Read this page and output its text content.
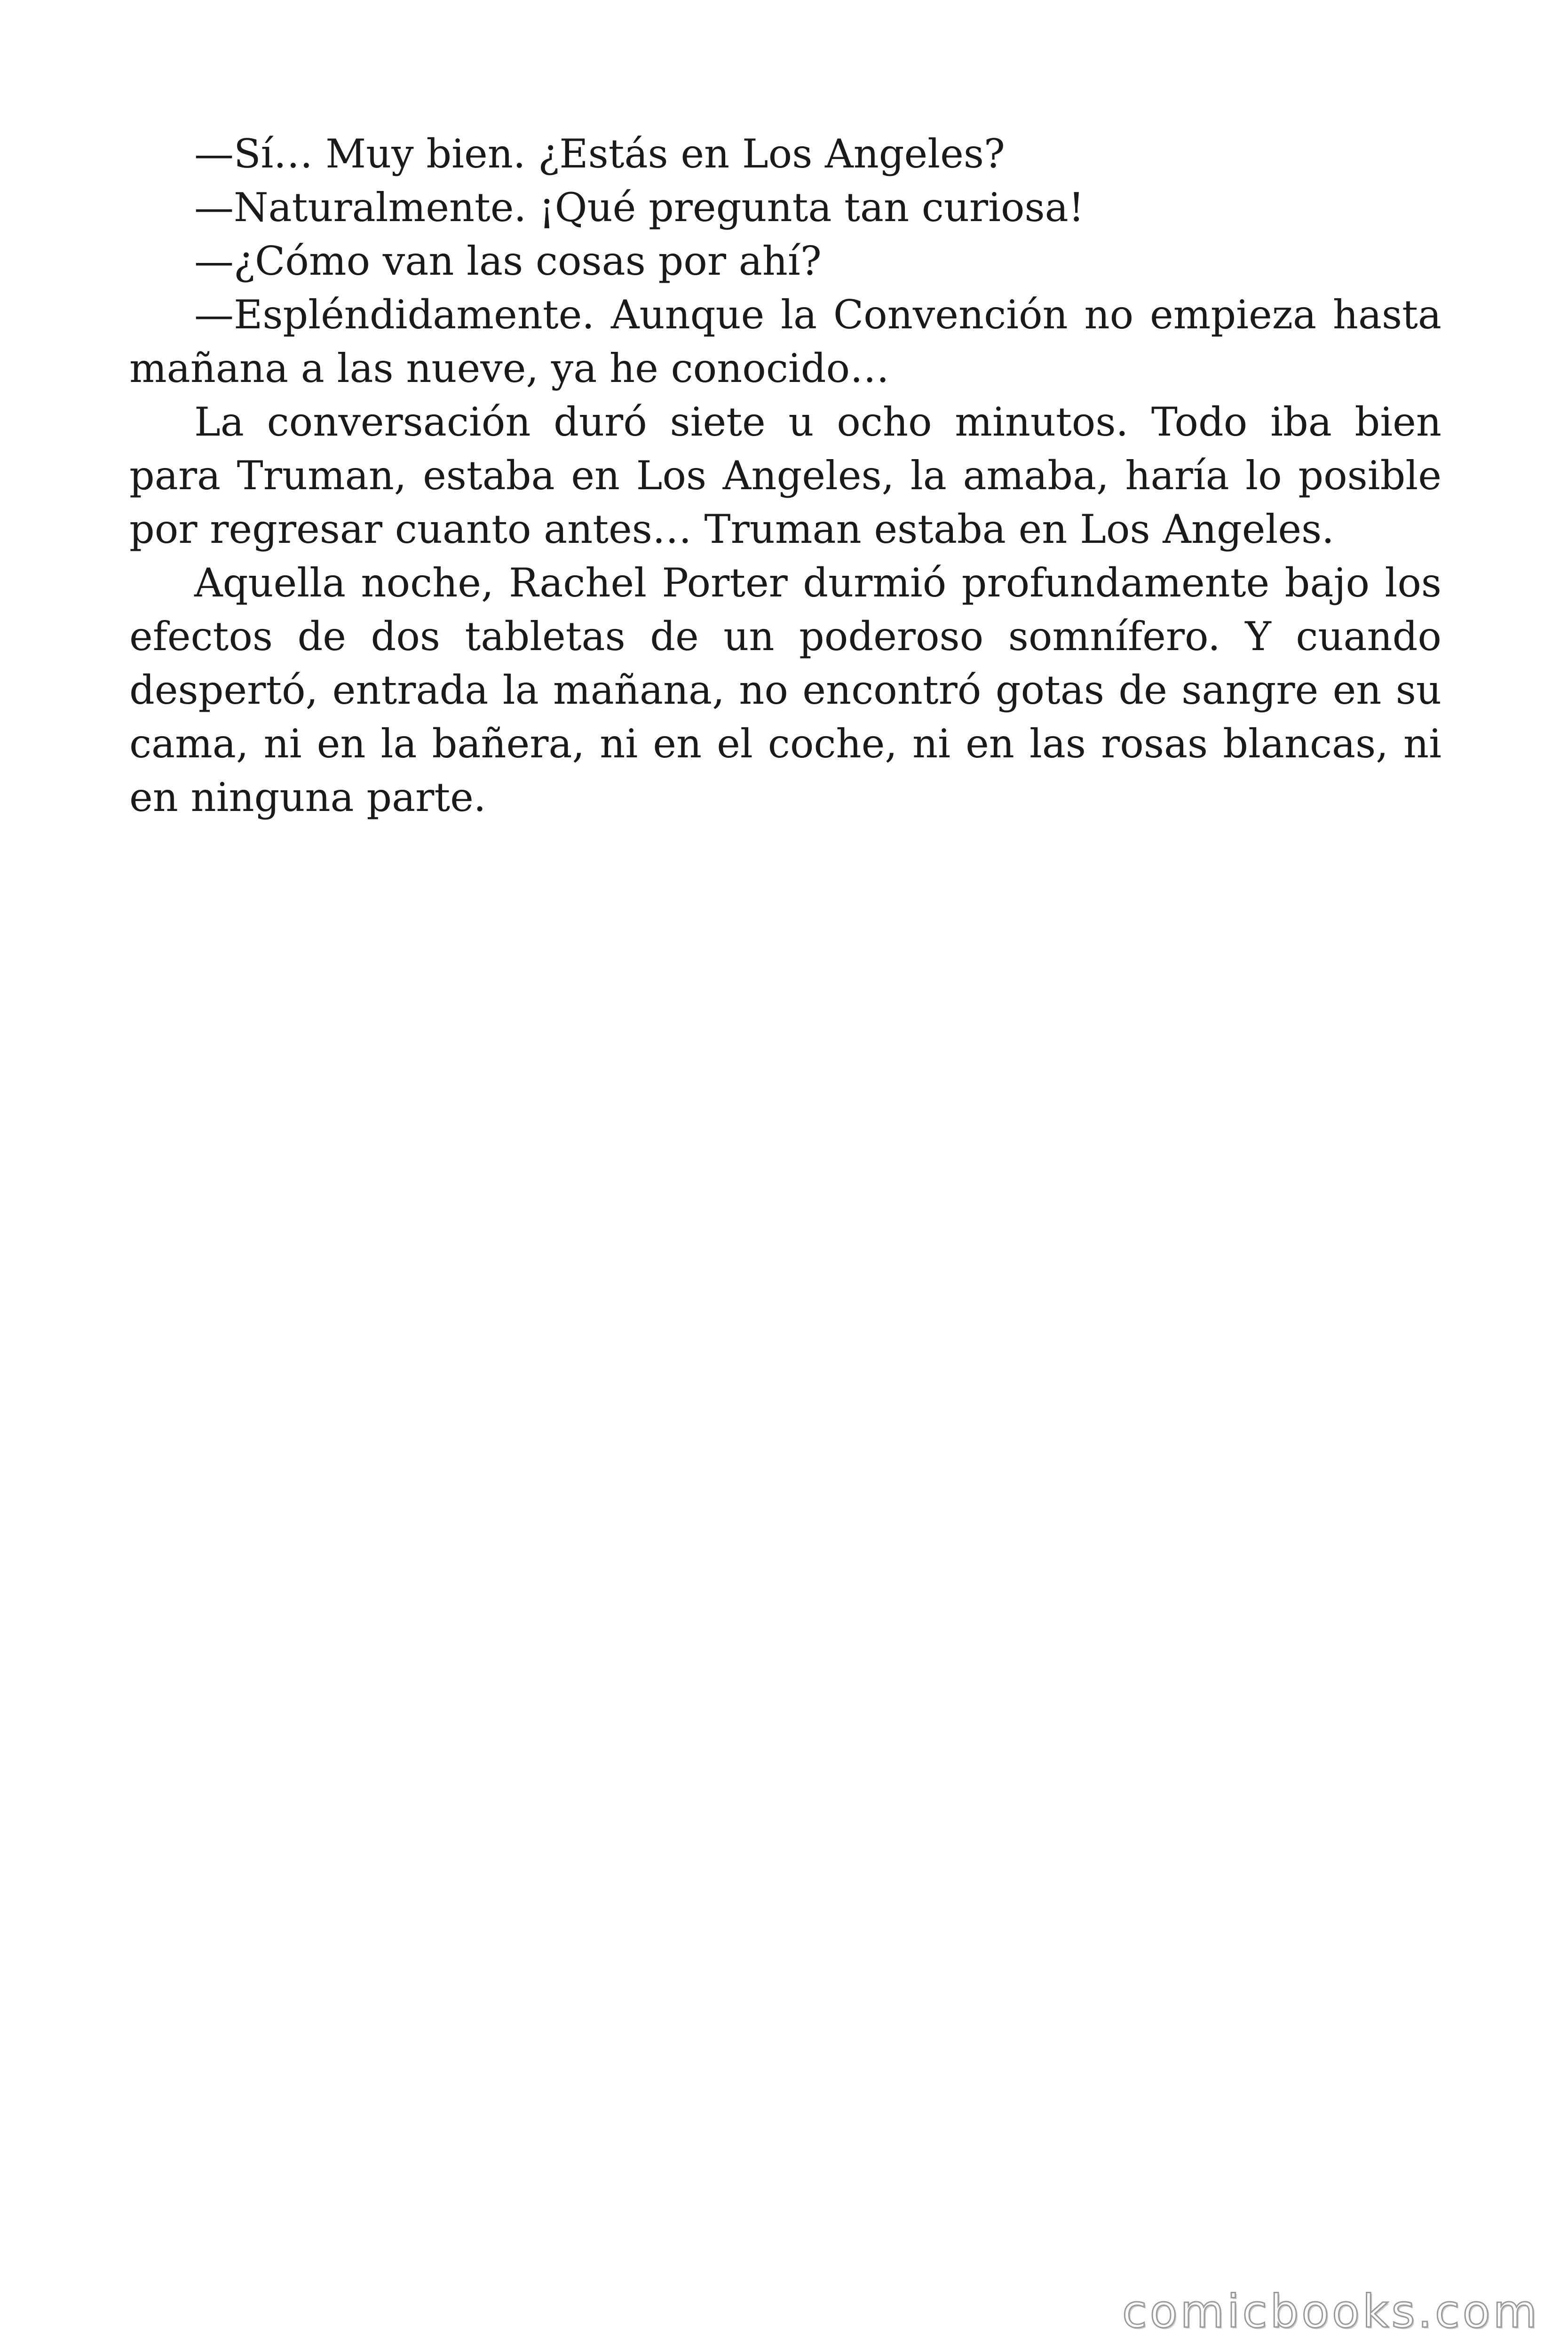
—Sí… Muy bien. ¿Estás en Los Angeles?

—Naturalmente. ¡Qué pregunta tan curiosa!

—¿Cómo van las cosas por ahí?

—Espléndidamente. Aunque la Convención no empieza hasta mañana a las nueve, ya he conocido…

La conversación duró siete u ocho minutos. Todo iba bien para Truman, estaba en Los Angeles, la amaba, haría lo posible por regresar cuanto antes… Truman estaba en Los Angeles.

Aquella noche, Rachel Porter durmió profundamente bajo los efectos de dos tabletas de un poderoso somnífero. Y cuando despertó, entrada la mañana, no encontró gotas de sangre en su cama, ni en la bañera, ni en el coche, ni en las rosas blancas, ni en ninguna parte.

comicbooks.com
